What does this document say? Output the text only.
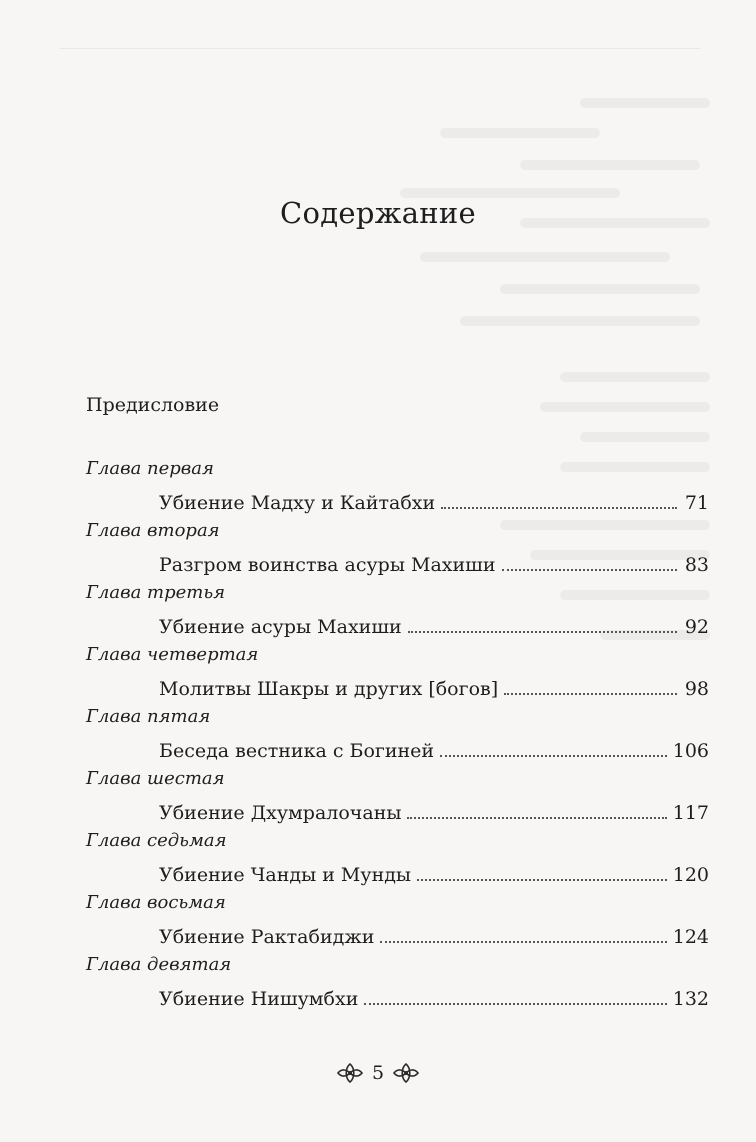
Содержание
Предисловие
Глава первая
Убиение Мадху и Кайтабхи	71
Глава вторая
Разгром воинства асуры Махиши	83
Глава третья
Убиение асуры Махиши	92
Глава четвертая
Молитвы Шакры и других [богов]	98
Глава пятая
Беседа вестника с Богиней	106
Глава шестая
Убиение Дхумралочаны	117
Глава седьмая
Убиение Чанды и Мунды	120
Глава восьмая
Убиение Рактабиджи	124
Глава девятая
Убиение Нишумбхи	132
5
